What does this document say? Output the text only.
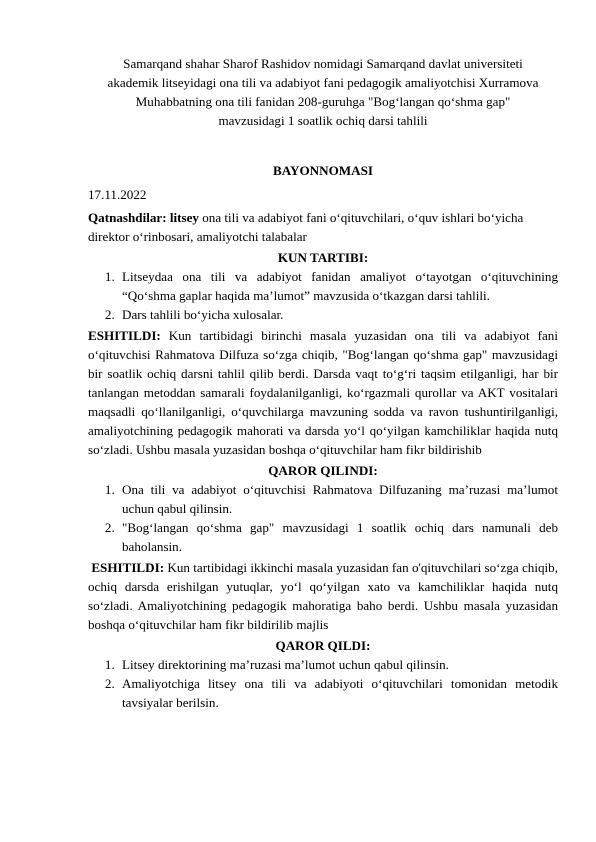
Samarqand shahar Sharof Rashidov nomidagi Samarqand davlat universiteti
akademik litseyidagi ona tili va adabiyot fani pedagogik amaliyotchisi Xurramova
Muhabbatning ona tili fanidan 208-guruhga "Bog‘langan qo‘shma gap"
mavzusidagi 1 soatlik ochiq darsi tahlili
BAYONNOMASI
17.11.2022

Qatnashdilar: litsey ona tili va adabiyot fani o‘qituvchilari, o‘quv ishlari bo‘yicha direktor o‘rinbosari, amaliyotchi talabalar

KUN TARTIBI:
1. Litseydaa ona tili va adabiyot fanidan amaliyot o‘tayotgan o‘qituvchining “Qo‘shma gaplar haqida ma’lumot” mavzusida o‘tkazgan darsi tahlili.
2. Dars tahlili bo‘yicha xulosalar.

ESHITILDI: Kun tartibidagi birinchi masala yuzasidan ona tili va adabiyot fani o‘qituvchisi Rahmatova Dilfuza so‘zga chiqib, "Bog‘langan qo‘shma gap" mavzusidagi bir soatlik ochiq darsni tahlil qilib berdi. Darsda vaqt to‘g‘ri taqsim etilganligi, har bir tanlangan metoddan samarali foydalanilganligi, ko‘rgazmali qurollar va AKT vositalari maqsadli qo‘llanilganligi, o‘quvchilarga mavzuning sodda va ravon tushuntirilganligi, amaliyotchining pedagogik mahorati va darsda yo‘l qo‘yilgan kamchiliklar haqida nutq so‘zladi. Ushbu masala yuzasidan boshqa o‘qituvchilar ham fikr bildirishib

QAROR QILINDI:
1. Ona tili va adabiyot o‘qituvchisi Rahmatova Dilfuzaning ma’ruzasi ma’lumot uchun qabul qilinsin.
2. "Bog‘langan qo‘shma gap" mavzusidagi 1 soatlik ochiq dars namunali deb baholansin.

ESHITILDI: Kun tartibidagi ikkinchi masala yuzasidan fan o'qituvchilari so‘zga chiqib, ochiq darsda erishilgan yutuqlar, yo‘l qo‘yilgan xato va kamchiliklar haqida nutq so‘zladi. Amaliyotchining pedagogik mahoratiga baho berdi. Ushbu masala yuzasidan boshqa o‘qituvchilar ham fikr bildirilib majlis

QAROR QILDI:
1. Litsey direktorining ma’ruzasi ma’lumot uchun qabul qilinsin.
2. Amaliyotchiga litsey ona tili va adabiyoti o‘qituvchilari tomonidan metodik tavsiyalar berilsin.
